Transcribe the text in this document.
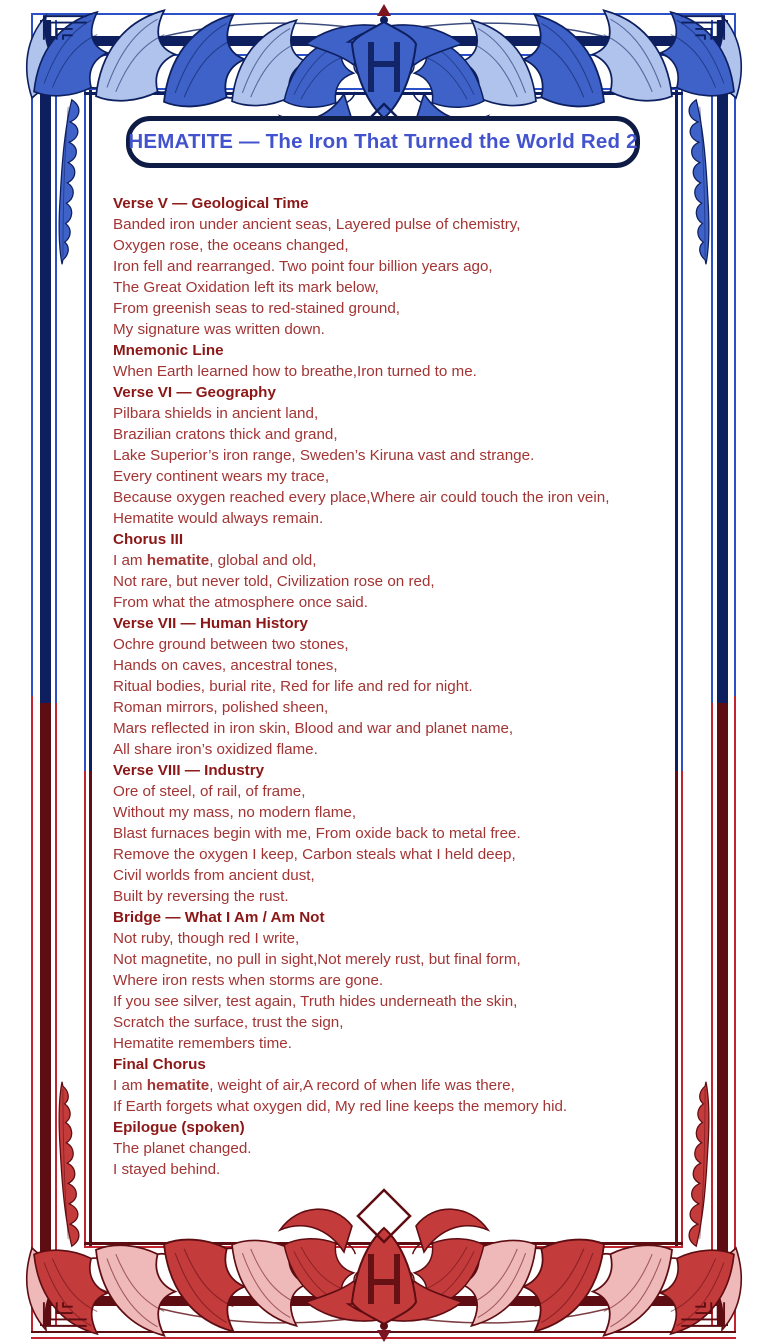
HEMATITE — The Iron That Turned the World Red 2
Verse V — Geological Time
Banded iron under ancient seas, Layered pulse of chemistry,
Oxygen rose, the oceans changed,
Iron fell and rearranged. Two point four billion years ago,
The Great Oxidation left its mark below,
From greenish seas to red-stained ground,
My signature was written down.
Mnemonic Line
When Earth learned how to breathe,Iron turned to me.
Verse VI — Geography
Pilbara shields in ancient land,
Brazilian cratons thick and grand,
Lake Superior’s iron range, Sweden’s Kiruna vast and strange.
Every continent wears my trace,
Because oxygen reached every place,Where air could touch the iron vein,
Hematite would always remain.
Chorus III
I am hematite, global and old,
Not rare, but never told, Civilization rose on red,
From what the atmosphere once said.
Verse VII — Human History
Ochre ground between two stones,
Hands on caves, ancestral tones,
Ritual bodies, burial rite, Red for life and red for night.
Roman mirrors, polished sheen,
Mars reflected in iron skin, Blood and war and planet name,
All share iron’s oxidized flame.
Verse VIII — Industry
Ore of steel, of rail, of frame,
Without my mass, no modern flame,
Blast furnaces begin with me, From oxide back to metal free.
Remove the oxygen I keep, Carbon steals what I held deep,
Civil worlds from ancient dust,
Built by reversing the rust.
Bridge — What I Am / Am Not
Not ruby, though red I write,
Not magnetite, no pull in sight,Not merely rust, but final form,
Where iron rests when storms are gone.
If you see silver, test again, Truth hides underneath the skin,
Scratch the surface, trust the sign,
Hematite remembers time.
Final Chorus
I am hematite, weight of air,A record of when life was there,
If Earth forgets what oxygen did, My red line keeps the memory hid.
Epilogue (spoken)
The planet changed.
I stayed behind.
